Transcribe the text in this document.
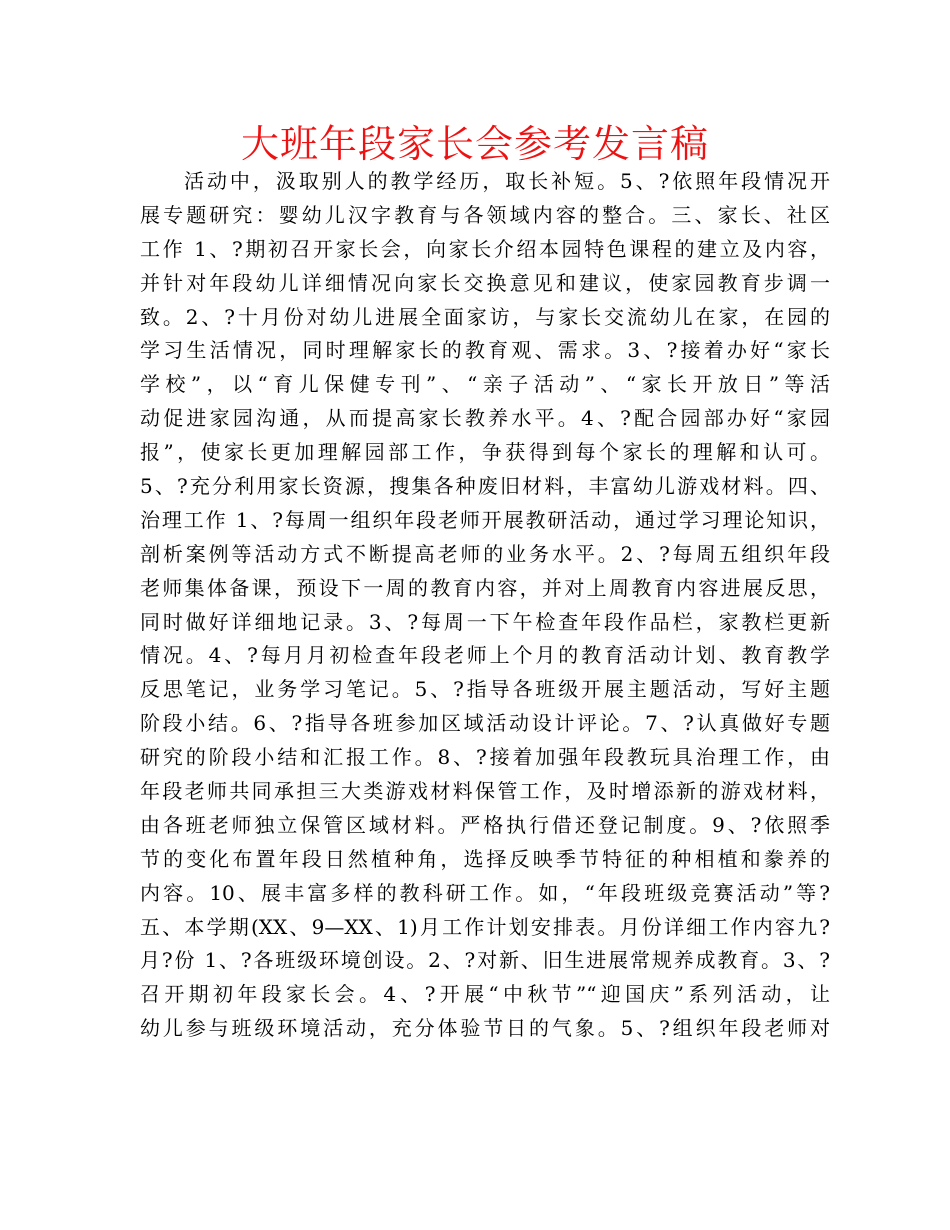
大班年段家长会参考发言稿
活动中，汲取别人的教学经历，取长补短。5、?依照年段情况开
展专题研究：婴幼儿汉字教育与各领域内容的整合。三、家长、社区
工作 1、?期初召开家长会，向家长介绍本园特色课程的建立及内容，
并针对年段幼儿详细情况向家长交换意见和建议，使家园教育步调一
致。2、?十月份对幼儿进展全面家访，与家长交流幼儿在家，在园的
学习生活情况，同时理解家长的教育观、需求。3、?接着办好“家长
学校”，以“育儿保健专刊”、“亲子活动”、“家长开放日”等活
动促进家园沟通，从而提高家长教养水平。4、?配合园部办好“家园
报”，使家长更加理解园部工作，争获得到每个家长的理解和认可。
5、?充分利用家长资源，搜集各种废旧材料，丰富幼儿游戏材料。四、
治理工作 1、?每周一组织年段老师开展教研活动，通过学习理论知识，
剖析案例等活动方式不断提高老师的业务水平。2、?每周五组织年段
老师集体备课，预设下一周的教育内容，并对上周教育内容进展反思，
同时做好详细地记录。3、?每周一下午检查年段作品栏，家教栏更新
情况。4、?每月月初检查年段老师上个月的教育活动计划、教育教学
反思笔记，业务学习笔记。5、?指导各班级开展主题活动，写好主题
阶段小结。6、?指导各班参加区域活动设计评论。7、?认真做好专题
研究的阶段小结和汇报工作。8、?接着加强年段教玩具治理工作，由
年段老师共同承担三大类游戏材料保管工作，及时增添新的游戏材料，
由各班老师独立保管区域材料。严格执行借还登记制度。9、?依照季
节的变化布置年段日然植种角，选择反映季节特征的种相植和豢养的
内容。10、展丰富多样的教科研工作。如，“年段班级竞赛活动”等?
五、本学期(XX、9—XX、1)月工作计划安排表。月份详细工作内容九?
月?份 1、?各班级环境创设。2、?对新、旧生进展常规养成教育。3、?
召开期初年段家长会。4、?开展“中秋节”“迎国庆”系列活动，让
幼儿参与班级环境活动，充分体验节日的气象。5、?组织年段老师对
